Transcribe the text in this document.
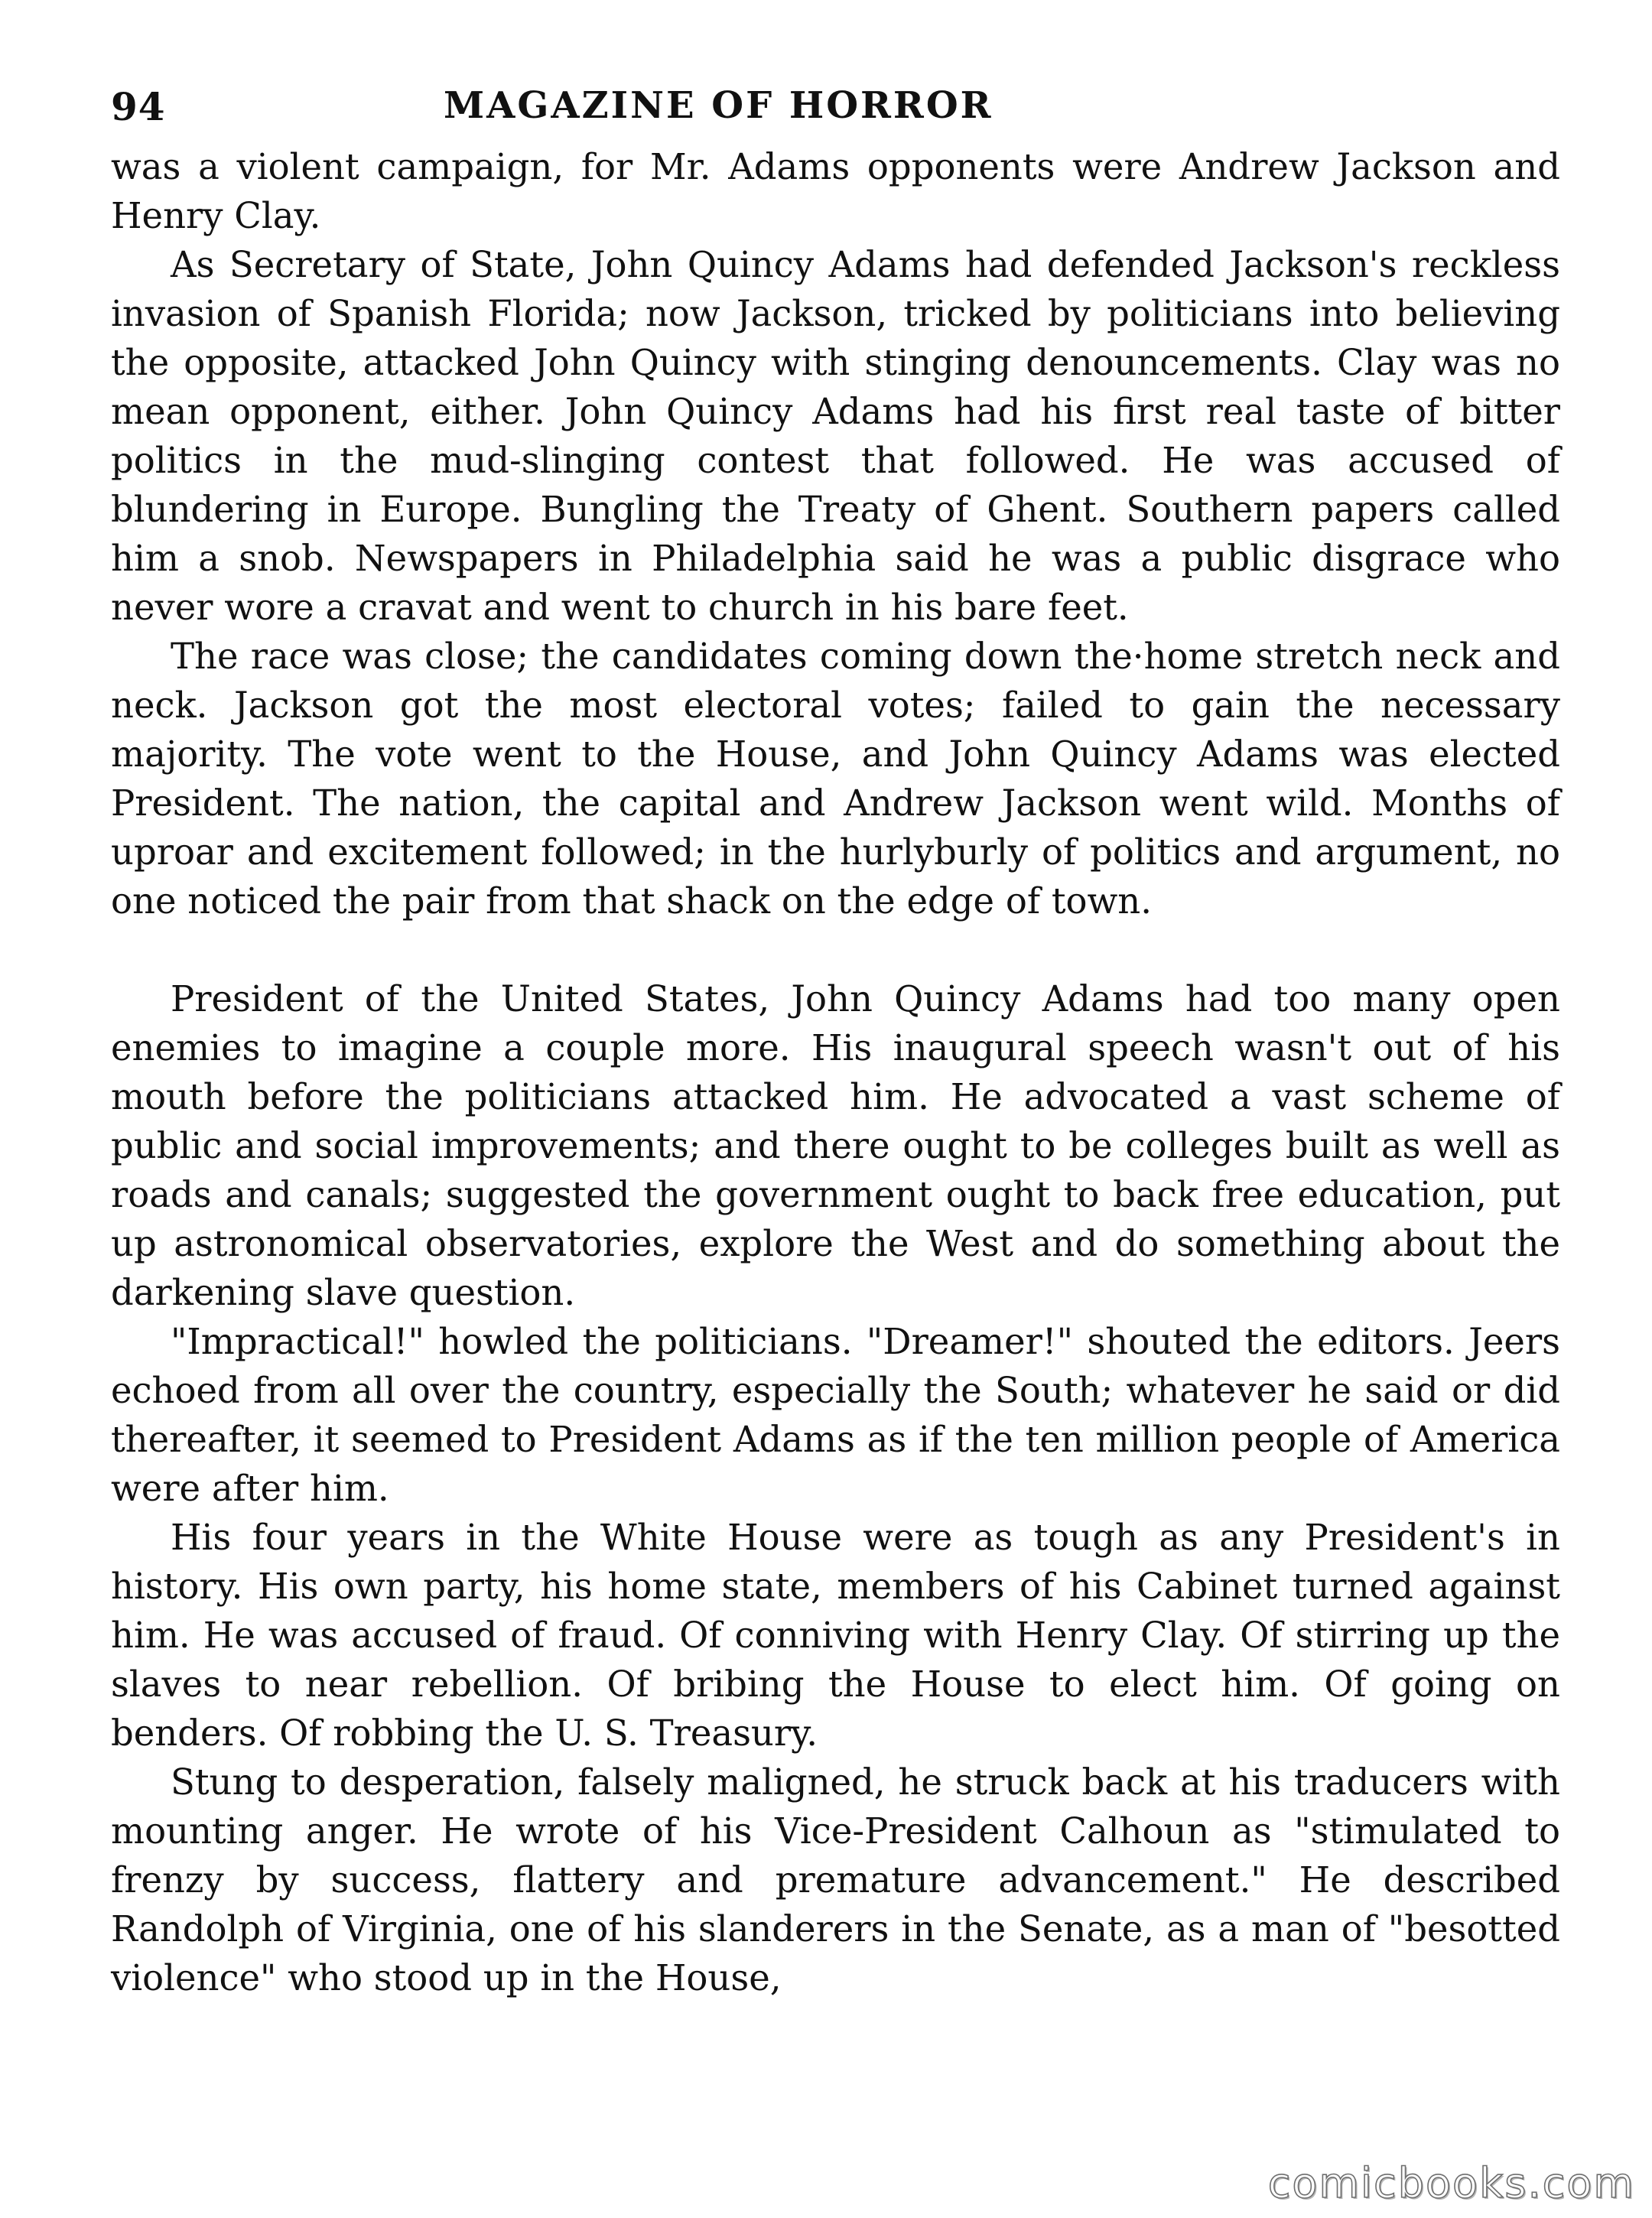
94	MAGAZINE OF HORROR

was a violent campaign, for Mr. Adams opponents were Andrew Jackson and Henry Clay.

As Secretary of State, John Quincy Adams had defended Jackson's reckless invasion of Spanish Florida; now Jackson, tricked by politicians into believing the opposite, attacked John Quincy with stinging denouncements. Clay was no mean opponent, either. John Quincy Adams had his first real taste of bitter politics in the mud-slinging contest that followed. He was accused of blundering in Europe. Bungling the Treaty of Ghent. Southern papers called him a snob. Newspapers in Philadelphia said he was a public disgrace who never wore a cravat and went to church in his bare feet.

The race was close; the candidates coming down the·home stretch neck and neck. Jackson got the most electoral votes; failed to gain the necessary majority. The vote went to the House, and John Quincy Adams was elected President. The nation, the capital and Andrew Jackson went wild. Months of uproar and excitement followed; in the hurlyburly of politics and argument, no one noticed the pair from that shack on the edge of town.

President of the United States, John Quincy Adams had too many open enemies to imagine a couple more. His inaugural speech wasn't out of his mouth before the politicians attacked him. He advocated a vast scheme of public and social improvements; and there ought to be colleges built as well as roads and canals; suggested the government ought to back free education, put up astronomical observatories, explore the West and do something about the darkening slave question.

"Impractical!" howled the politicians. "Dreamer!" shouted the editors. Jeers echoed from all over the country, especially the South; whatever he said or did thereafter, it seemed to President Adams as if the ten million people of America were after him.

His four years in the White House were as tough as any President's in history. His own party, his home state, members of his Cabinet turned against him. He was accused of fraud. Of conniving with Henry Clay. Of stirring up the slaves to near rebellion. Of bribing the House to elect him. Of going on benders. Of robbing the U. S. Treasury.

Stung to desperation, falsely maligned, he struck back at his traducers with mounting anger. He wrote of his Vice-President Calhoun as "stimulated to frenzy by success, flattery and premature advancement." He described Randolph of Virginia, one of his slanderers in the Senate, as a man of "besotted violence" who stood up in the House,

comicbooks.com
